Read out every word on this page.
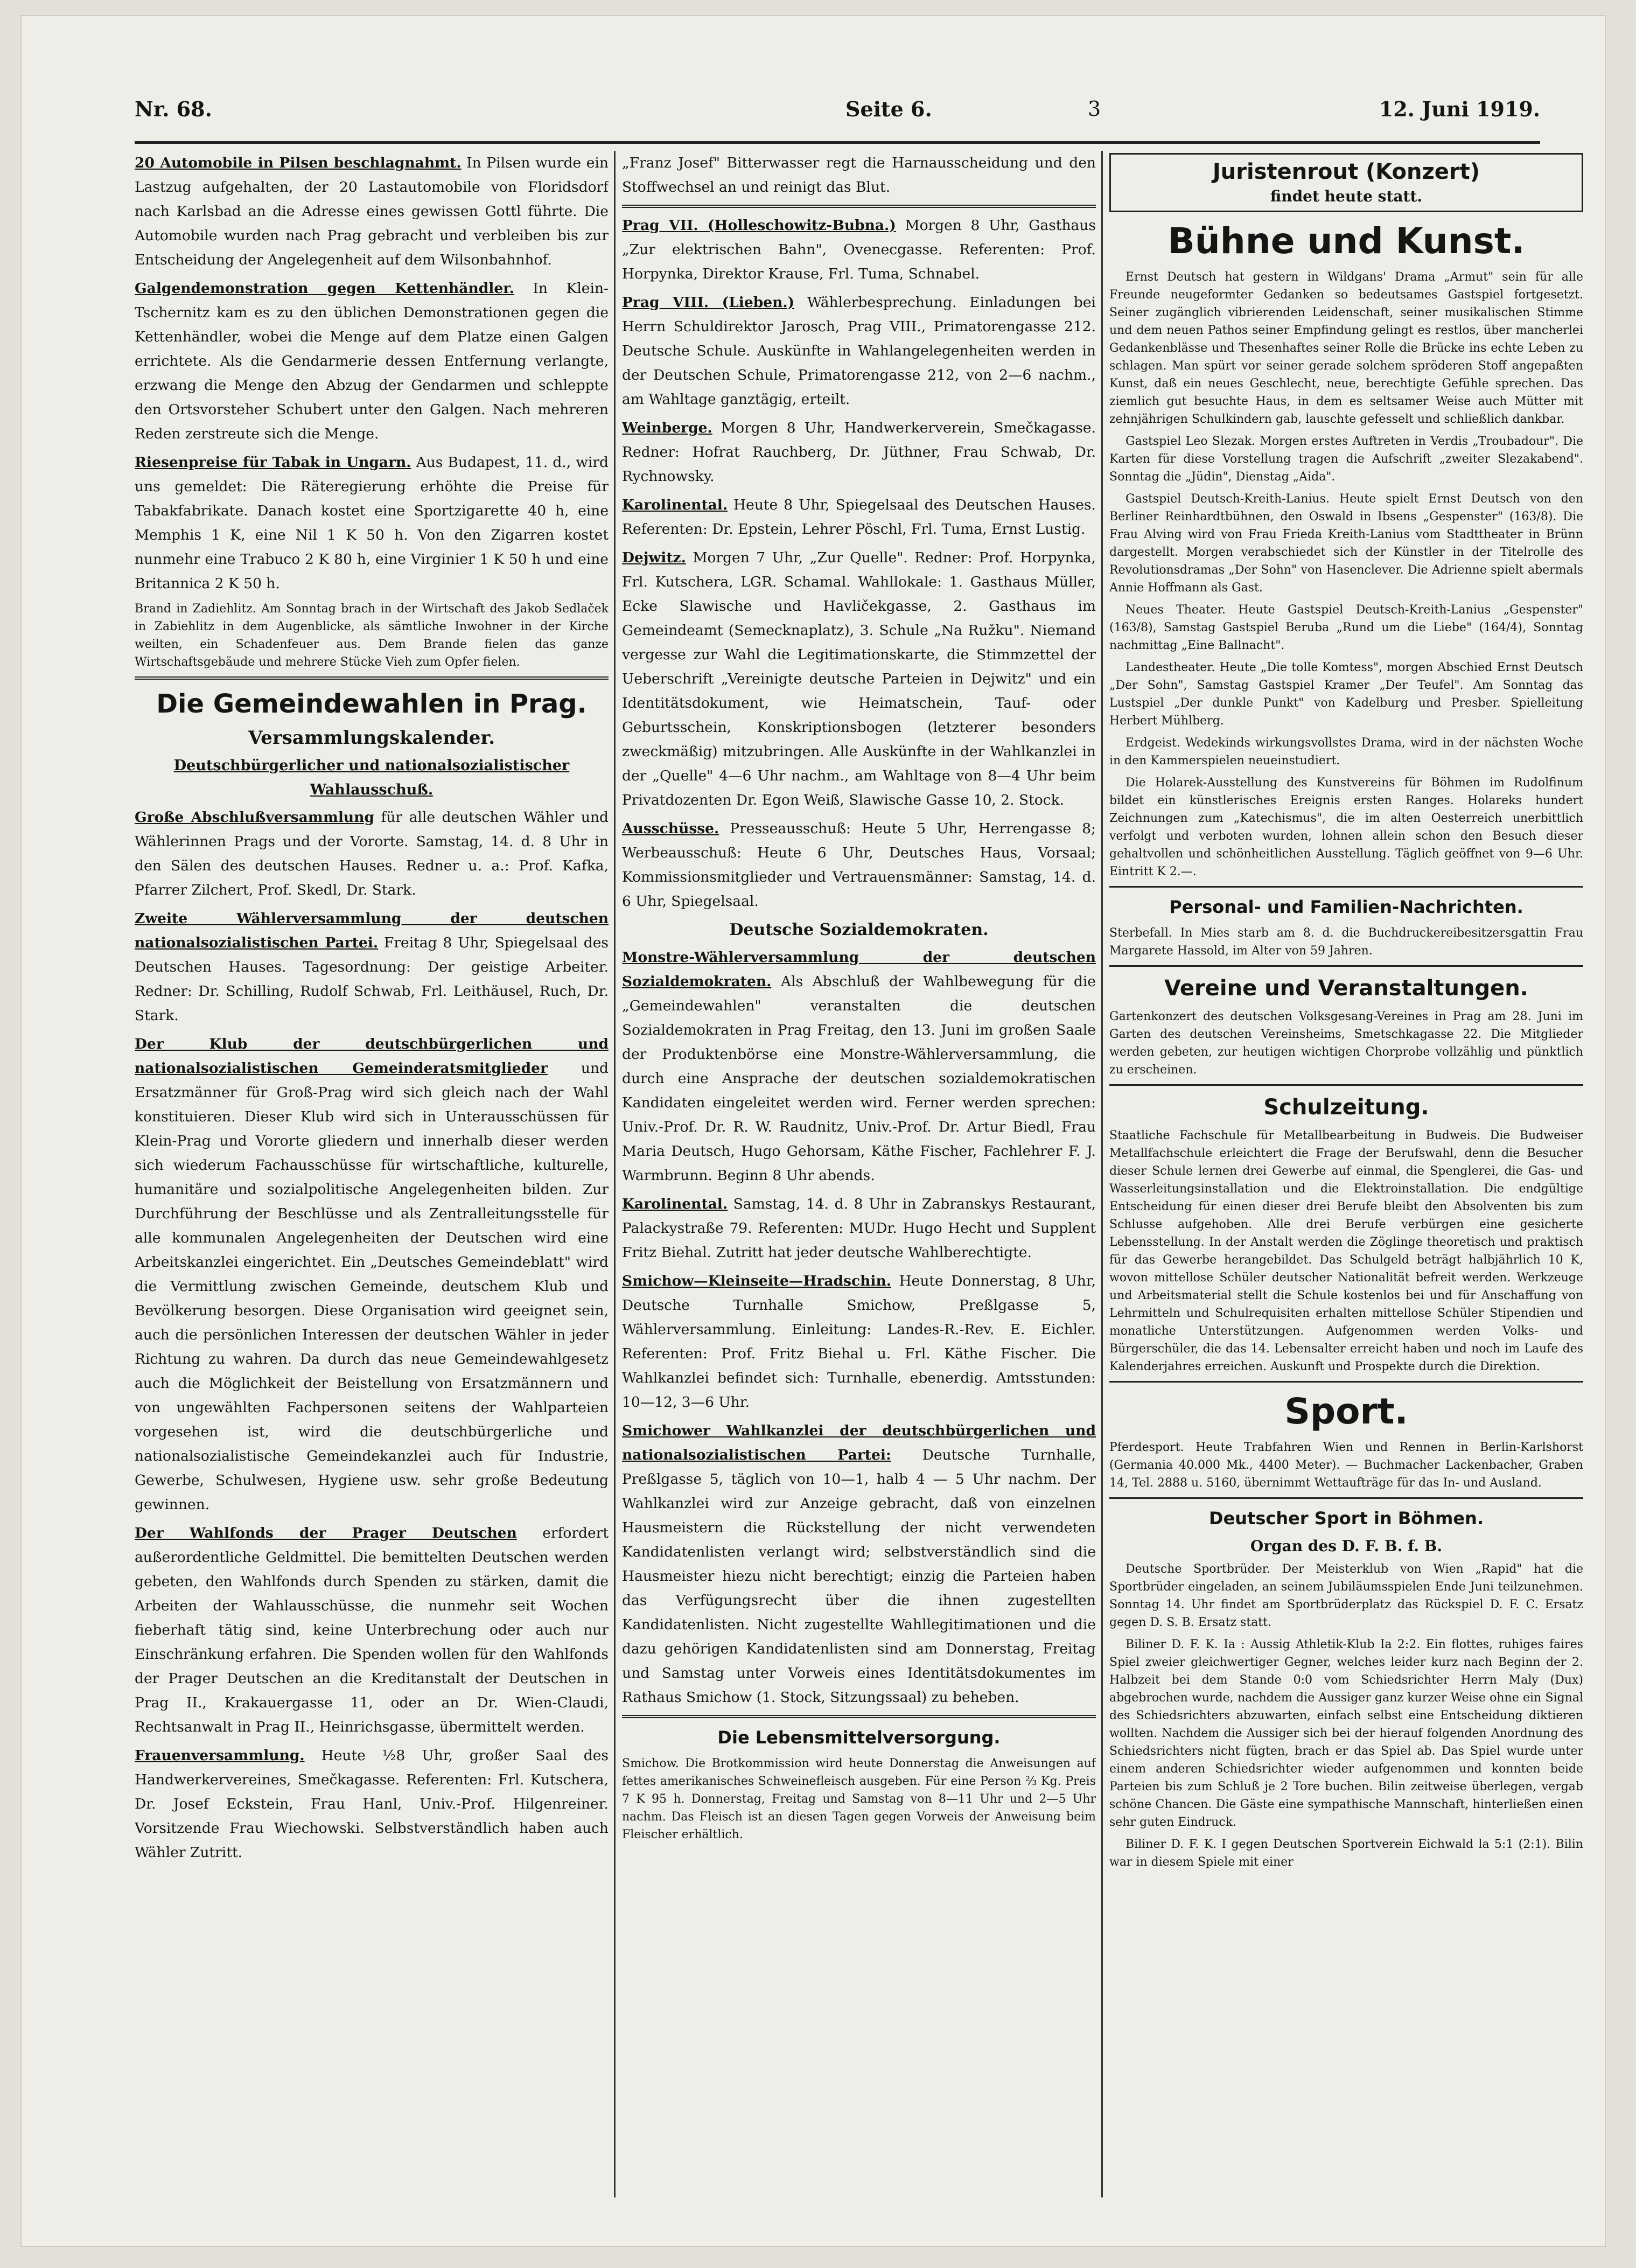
Nr. 68.	Seite 6.	3	12. Juni 1919.
20 Automobile in Pilsen beschlagnahmt. In Pilsen wurde ein Lastzug aufgehalten, der 20 Lastautomobile von Floridsdorf nach Karlsbad an die Adresse eines gewissen Gottl führte. Die Automobile wurden nach Prag gebracht und verbleiben bis zur Entscheidung der Angelegenheit auf dem Wilsonbahnhof.
Galgendemonstration gegen Kettenhändler. In Klein-Tschernitz kam es zu den üblichen Demonstrationen gegen die Kettenhändler, wobei die Menge auf dem Platze einen Galgen errichtete. Als die Gendarmerie dessen Entfernung verlangte, erzwang die Menge den Abzug der Gendarmen und schleppte den Ortsvorsteher Schubert unter den Galgen. Nach mehreren Reden zerstreute sich die Menge.
Riesenpreise für Tabak in Ungarn. Aus Budapest, 11. d., wird uns gemeldet: Die Räteregierung erhöhte die Preise für Tabakfabrikate. Danach kostet eine Sportzigarette 40 h, eine Memphis 1 K, eine Nil 1 K 50 h. Von den Zigarren kostet nunmehr eine Trabuco 2 K 80 h, eine Virginier 1 K 50 h und eine Britannica 2 K 50 h.
Brand in Zadiehlitz. Am Sonntag brach in der Wirtschaft des Jakob Sedlaček in Zabiehlitz in dem Augenblicke, als sämtliche Inwohner in der Kirche weilten, ein Schadenfeuer aus. Dem Brande fielen das ganze Wirtschaftsgebäude und mehrere Stücke Vieh zum Opfer fielen.
Die Gemeindewahlen in Prag.
Versammlungskalender.
Deutschbürgerlicher und nationalsozialistischer Wahlausschuß.
Große Abschlußversammlung für alle deutschen Wähler und Wählerinnen Prags und der Vororte. Samstag, 14. d. 8 Uhr in den Sälen des deutschen Hauses. Redner u. a.: Prof. Kafka, Pfarrer Zilchert, Prof. Skedl, Dr. Stark.
Zweite Wählerversammlung der deutschen nationalsozialistischen Partei. Freitag 8 Uhr, Spiegelsaal des Deutschen Hauses. Tagesordnung: Der geistige Arbeiter. Redner: Dr. Schilling, Rudolf Schwab, Frl. Leithäusel, Ruch, Dr. Stark.
Der Klub der deutschbürgerlichen und nationalsozialistischen Gemeinderatsmitglieder und Ersatzmänner für Groß-Prag wird sich gleich nach der Wahl konstituieren. Dieser Klub wird sich in Unterausschüssen für Klein-Prag und Vororte gliedern und innerhalb dieser werden sich wiederum Fachausschüsse für wirtschaftliche, kulturelle, humanitäre und sozialpolitische Angelegenheiten bilden. Zur Durchführung der Beschlüsse und als Zentralleitungsstelle für alle kommunalen Angelegenheiten der Deutschen wird eine Arbeitskanzlei eingerichtet. Ein „Deutsches Gemeindeblatt" wird die Vermittlung zwischen Gemeinde, deutschem Klub und Bevölkerung besorgen. Diese Organisation wird geeignet sein, auch die persönlichen Interessen der deutschen Wähler in jeder Richtung zu wahren. Da durch das neue Gemeindewahlgesetz auch die Möglichkeit der Beistellung von Ersatzmännern und von ungewählten Fachpersonen seitens der Wahlparteien vorgesehen ist, wird die deutschbürgerliche und nationalsozialistische Gemeindekanzlei auch für Industrie, Gewerbe, Schulwesen, Hygiene usw. sehr große Bedeutung gewinnen.
Der Wahlfonds der Prager Deutschen erfordert außerordentliche Geldmittel. Die bemittelten Deutschen werden gebeten, den Wahlfonds durch Spenden zu stärken, damit die Arbeiten der Wahlausschüsse, die nunmehr seit Wochen fieberhaft tätig sind, keine Unterbrechung oder auch nur Einschränkung erfahren. Die Spenden wollen für den Wahlfonds der Prager Deutschen an die Kreditanstalt der Deutschen in Prag II., Krakauergasse 11, oder an Dr. Wien-Claudi, Rechtsanwalt in Prag II., Heinrichsgasse, übermittelt werden.
Frauenversammlung. Heute ½8 Uhr, großer Saal des Handwerkervereines, Smečkagasse. Referenten: Frl. Kutschera, Dr. Josef Eckstein, Frau Hanl, Univ.-Prof. Hilgenreiner. Vorsitzende Frau Wiechowski. Selbstverständlich haben auch Wähler Zutritt.
„Franz Josef" Bitterwasser regt die Harnausscheidung und den Stoffwechsel an und reinigt das Blut.
Prag VII. (Holleschowitz-Bubna.) Morgen 8 Uhr, Gasthaus „Zur elektrischen Bahn", Ovenecgasse. Referenten: Prof. Horpynka, Direktor Krause, Frl. Tuma, Schnabel.
Prag VIII. (Lieben.) Wählerbesprechung. Einladungen bei Herrn Schuldirektor Jarosch, Prag VIII., Primatorengasse 212. Deutsche Schule. Auskünfte in Wahlangelegenheiten werden in der Deutschen Schule, Primatorengasse 212, von 2—6 nachm., am Wahltage ganztägig, erteilt.
Weinberge. Morgen 8 Uhr, Handwerkerverein, Smečkagasse. Redner: Hofrat Rauchberg, Dr. Jüthner, Frau Schwab, Dr. Rychnowsky.
Karolinental. Heute 8 Uhr, Spiegelsaal des Deutschen Hauses. Referenten: Dr. Epstein, Lehrer Pöschl, Frl. Tuma, Ernst Lustig.
Dejwitz. Morgen 7 Uhr, „Zur Quelle". Redner: Prof. Horpynka, Frl. Kutschera, LGR. Schamal. Wahllokale: 1. Gasthaus Müller, Ecke Slawische und Havličekgasse, 2. Gasthaus im Gemeindeamt (Semecknaplatz), 3. Schule „Na Ružku". Niemand vergesse zur Wahl die Legitimationskarte, die Stimmzettel der Ueberschrift „Vereinigte deutsche Parteien in Dejwitz" und ein Identitätsdokument, wie Heimatschein, Tauf- oder Geburtsschein, Konskriptionsbogen (letzterer besonders zweckmäßig) mitzubringen. Alle Auskünfte in der Wahlkanzlei in der „Quelle" 4—6 Uhr nachm., am Wahltage von 8—4 Uhr beim Privatdozenten Dr. Egon Weiß, Slawische Gasse 10, 2. Stock.
Ausschüsse. Presseausschuß: Heute 5 Uhr, Herrengasse 8; Werbeausschuß: Heute 6 Uhr, Deutsches Haus, Vorsaal; Kommissionsmitglieder und Vertrauensmänner: Samstag, 14. d. 6 Uhr, Spiegelsaal.
Deutsche Sozialdemokraten.
Monstre-Wählerversammlung der deutschen Sozialdemokraten. Als Abschluß der Wahlbewegung für die „Gemeindewahlen" veranstalten die deutschen Sozialdemokraten in Prag Freitag, den 13. Juni im großen Saale der Produktenbörse eine Monstre-Wählerversammlung, die durch eine Ansprache der deutschen sozialdemokratischen Kandidaten eingeleitet werden wird. Ferner werden sprechen: Univ.-Prof. Dr. R. W. Raudnitz, Univ.-Prof. Dr. Artur Biedl, Frau Maria Deutsch, Hugo Gehorsam, Käthe Fischer, Fachlehrer F. J. Warmbrunn. Beginn 8 Uhr abends.
Karolinental. Samstag, 14. d. 8 Uhr in Zabranskys Restaurant, Palackystraße 79. Referenten: MUDr. Hugo Hecht und Supplent Fritz Biehal. Zutritt hat jeder deutsche Wahlberechtigte.
Smichow—Kleinseite—Hradschin. Heute Donnerstag, 8 Uhr, Deutsche Turnhalle Smichow, Preßlgasse 5, Wählerversammlung. Einleitung: Landes-R.-Rev. E. Eichler. Referenten: Prof. Fritz Biehal u. Frl. Käthe Fischer. Die Wahlkanzlei befindet sich: Turnhalle, ebenerdig. Amtsstunden: 10—12, 3—6 Uhr.
Smichower Wahlkanzlei der deutschbürgerlichen und nationalsozialistischen Partei: Deutsche Turnhalle, Preßlgasse 5, täglich von 10—1, halb 4 — 5 Uhr nachm. Der Wahlkanzlei wird zur Anzeige gebracht, daß von einzelnen Hausmeistern die Rückstellung der nicht verwendeten Kandidatenlisten verlangt wird; selbstverständlich sind die Hausmeister hiezu nicht berechtigt; einzig die Parteien haben das Verfügungsrecht über die ihnen zugestellten Kandidatenlisten. Nicht zugestellte Wahllegitimationen und die dazu gehörigen Kandidatenlisten sind am Donnerstag, Freitag und Samstag unter Vorweis eines Identitätsdokumentes im Rathaus Smichow (1. Stock, Sitzungssaal) zu beheben.
Die Lebensmittelversorgung.
Smichow. Die Brotkommission wird heute Donnerstag die Anweisungen auf fettes amerikanisches Schweinefleisch ausgeben. Für eine Person ⅔ Kg. Preis 7 K 95 h. Donnerstag, Freitag und Samstag von 8—11 Uhr und 2—5 Uhr nachm. Das Fleisch ist an diesen Tagen gegen Vorweis der Anweisung beim Fleischer erhältlich.
Juristenrout (Konzert)
findet heute statt.
Bühne und Kunst.
Ernst Deutsch hat gestern in Wildgans' Drama „Armut" sein für alle Freunde neugeformter Gedanken so bedeutsames Gastspiel fortgesetzt. Seiner zugänglich vibrierenden Leidenschaft, seiner musikalischen Stimme und dem neuen Pathos seiner Empfindung gelingt es restlos, über mancherlei Gedankenblässe und Thesenhaftes seiner Rolle die Brücke ins echte Leben zu schlagen. Man spürt vor seiner gerade solchem spröderen Stoff angepaßten Kunst, daß ein neues Geschlecht, neue, berechtigte Gefühle sprechen. Das ziemlich gut besuchte Haus, in dem es seltsamer Weise auch Mütter mit zehnjährigen Schulkindern gab, lauschte gefesselt und schließlich dankbar.
Gastspiel Leo Slezak. Morgen erstes Auftreten in Verdis „Troubadour". Die Karten für diese Vorstellung tragen die Aufschrift „zweiter Slezakabend". Sonntag die „Jüdin", Dienstag „Aida".
Gastspiel Deutsch-Kreith-Lanius. Heute spielt Ernst Deutsch von den Berliner Reinhardtbühnen, den Oswald in Ibsens „Gespenster" (163/8). Die Frau Alving wird von Frau Frieda Kreith-Lanius vom Stadttheater in Brünn dargestellt. Morgen verabschiedet sich der Künstler in der Titelrolle des Revolutionsdramas „Der Sohn" von Hasenclever. Die Adrienne spielt abermals Annie Hoffmann als Gast.
Neues Theater. Heute Gastspiel Deutsch-Kreith-Lanius „Gespenster" (163/8), Samstag Gastspiel Beruba „Rund um die Liebe" (164/4), Sonntag nachmittag „Eine Ballnacht".
Landestheater. Heute „Die tolle Komtess", morgen Abschied Ernst Deutsch „Der Sohn", Samstag Gastspiel Kramer „Der Teufel". Am Sonntag das Lustspiel „Der dunkle Punkt" von Kadelburg und Presber. Spielleitung Herbert Mühlberg.
Erdgeist. Wedekinds wirkungsvollstes Drama, wird in der nächsten Woche in den Kammerspielen neueinstudiert.
Die Holarek-Ausstellung des Kunstvereins für Böhmen im Rudolfinum bildet ein künstlerisches Ereignis ersten Ranges. Holareks hundert Zeichnungen zum „Katechismus", die im alten Oesterreich unerbittlich verfolgt und verboten wurden, lohnen allein schon den Besuch dieser gehaltvollen und schönheitlichen Ausstellung. Täglich geöffnet von 9—6 Uhr. Eintritt K 2.—.
Personal- und Familien-Nachrichten.
Sterbefall. In Mies starb am 8. d. die Buchdruckereibesitzersgattin Frau Margarete Hassold, im Alter von 59 Jahren.
Vereine und Veranstaltungen.
Gartenkonzert des deutschen Volksgesang-Vereines in Prag am 28. Juni im Garten des deutschen Vereinsheims, Smetschkagasse 22. Die Mitglieder werden gebeten, zur heutigen wichtigen Chorprobe vollzählig und pünktlich zu erscheinen.
Schulzeitung.
Staatliche Fachschule für Metallbearbeitung in Budweis. Die Budweiser Metallfachschule erleichtert die Frage der Berufswahl, denn die Besucher dieser Schule lernen drei Gewerbe auf einmal, die Spenglerei, die Gas- und Wasserleitungsinstallation und die Elektroinstallation. Die endgültige Entscheidung für einen dieser drei Berufe bleibt den Absolventen bis zum Schlusse aufgehoben. Alle drei Berufe verbürgen eine gesicherte Lebensstellung. In der Anstalt werden die Zöglinge theoretisch und praktisch für das Gewerbe herangebildet. Das Schulgeld beträgt halbjährlich 10 K, wovon mittellose Schüler deutscher Nationalität befreit werden. Werkzeuge und Arbeitsmaterial stellt die Schule kostenlos bei und für Anschaffung von Lehrmitteln und Schulrequisiten erhalten mittellose Schüler Stipendien und monatliche Unterstützungen. Aufgenommen werden Volks- und Bürgerschüler, die das 14. Lebensalter erreicht haben und noch im Laufe des Kalenderjahres erreichen. Auskunft und Prospekte durch die Direktion.
Sport.
Pferdesport. Heute Trabfahren Wien und Rennen in Berlin-Karlshorst (Germania 40.000 Mk., 4400 Meter). — Buchmacher Lackenbacher, Graben 14, Tel. 2888 u. 5160, übernimmt Wettaufträge für das In- und Ausland.
Deutscher Sport in Böhmen.
Organ des D. F. B. f. B.
Deutsche Sportbrüder. Der Meisterklub von Wien „Rapid" hat die Sportbrüder eingeladen, an seinem Jubiläumsspielen Ende Juni teilzunehmen. Sonntag 14. Uhr findet am Sportbrüderplatz das Rückspiel D. F. C. Ersatz gegen D. S. B. Ersatz statt.
Biliner D. F. K. Ia : Aussig Athletik-Klub Ia 2:2. Ein flottes, ruhiges faires Spiel zweier gleichwertiger Gegner, welches leider kurz nach Beginn der 2. Halbzeit bei dem Stande 0:0 vom Schiedsrichter Herrn Maly (Dux) abgebrochen wurde, nachdem die Aussiger ganz kurzer Weise ohne ein Signal des Schiedsrichters abzuwarten, einfach selbst eine Entscheidung diktieren wollten. Nachdem die Aussiger sich bei der hierauf folgenden Anordnung des Schiedsrichters nicht fügten, brach er das Spiel ab. Das Spiel wurde unter einem anderen Schiedsrichter wieder aufgenommen und konnten beide Parteien bis zum Schluß je 2 Tore buchen. Bilin zeitweise überlegen, vergab schöne Chancen. Die Gäste eine sympathische Mannschaft, hinterließen einen sehr guten Eindruck.
Biliner D. F. K. I gegen Deutschen Sportverein Eichwald la 5:1 (2:1). Bilin war in diesem Spiele mit einer
